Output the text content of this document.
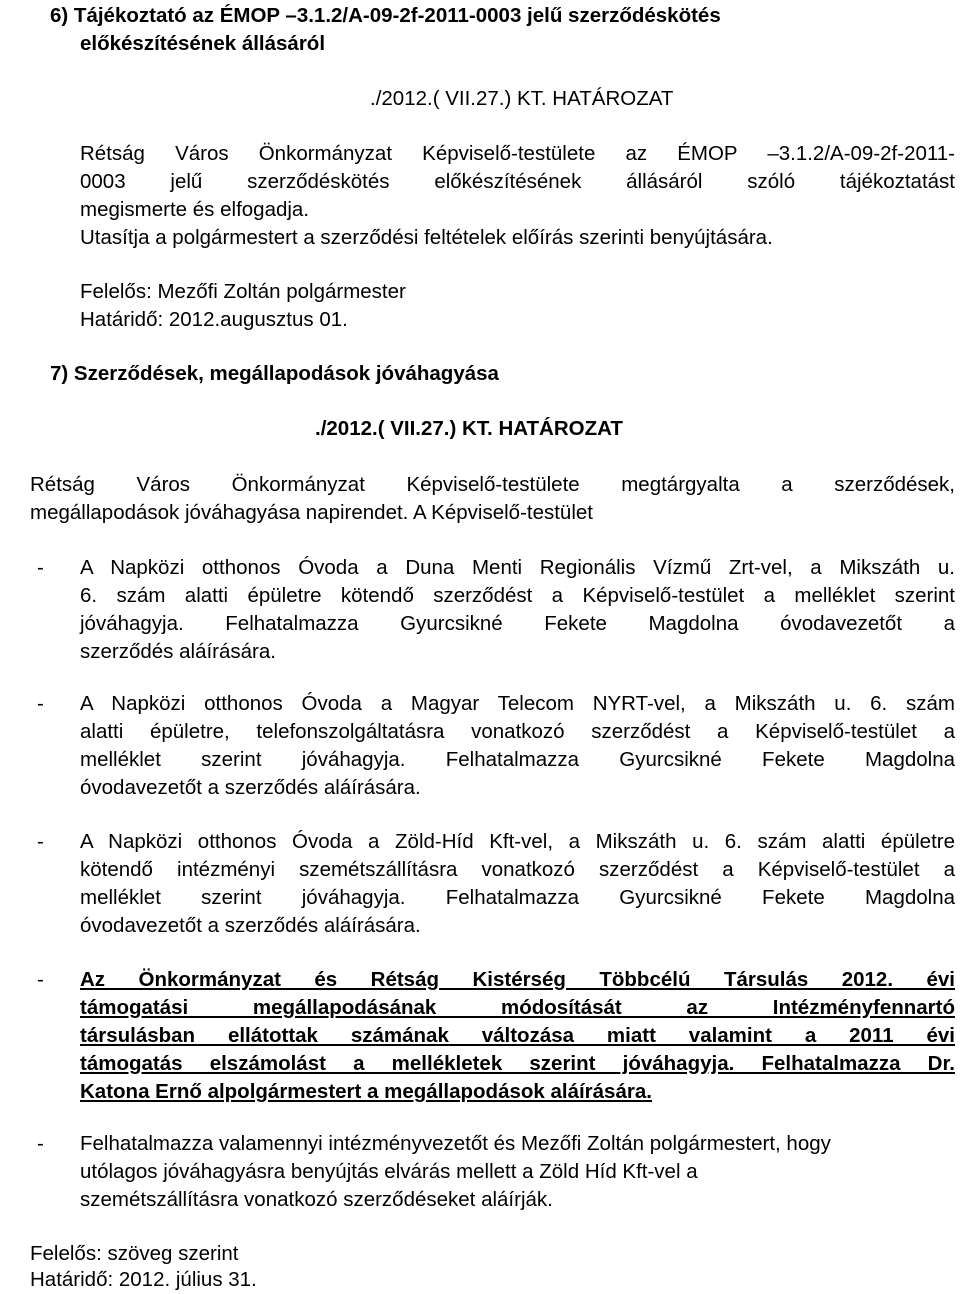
6) Tájékoztató az ÉMOP –3.1.2/A-09-2f-2011-0003 jelű szerződéskötés
előkészítésének állásáról
./2012.( VII.27.) KT. HATÁROZAT
Rétság Város Önkormányzat Képviselő-testülete az ÉMOP –3.1.2/A-09-2f-2011-
0003 jelű szerződéskötés előkészítésének állásáról szóló tájékoztatást
megismerte és elfogadja.
Utasítja a polgármestert a szerződési feltételek előírás szerinti benyújtására.
Felelős: Mezőfi Zoltán polgármester
Határidő: 2012.augusztus 01.
7) Szerződések, megállapodások jóváhagyása
./2012.( VII.27.) KT. HATÁROZAT
Rétság Város Önkormányzat Képviselő-testülete megtárgyalta a szerződések,
megállapodások jóváhagyása napirendet. A Képviselő-testület
- A Napközi otthonos Óvoda a Duna Menti Regionális Vízmű Zrt-vel, a Mikszáth u.
6. szám alatti épületre kötendő szerződést a Képviselő-testület a melléklet szerint
jóváhagyja. Felhatalmazza Gyurcsikné Fekete Magdolna óvodavezetőt a
szerződés aláírására.
- A Napközi otthonos Óvoda a Magyar Telecom NYRT-vel, a Mikszáth u. 6. szám
alatti épületre, telefonszolgáltatásra vonatkozó szerződést a Képviselő-testület a
melléklet szerint jóváhagyja. Felhatalmazza Gyurcsikné Fekete Magdolna
óvodavezetőt a szerződés aláírására.
- A Napközi otthonos Óvoda a Zöld-Híd Kft-vel, a Mikszáth u. 6. szám alatti épületre
kötendő intézményi szemétszállításra vonatkozó szerződést a Képviselő-testület a
melléklet szerint jóváhagyja. Felhatalmazza Gyurcsikné Fekete Magdolna
óvodavezetőt a szerződés aláírására.
- Az Önkormányzat és Rétság Kistérség Többcélú Társulás 2012. évi
támogatási megállapodásának módosítását az Intézményfennartó
társulásban ellátottak számának változása miatt valamint a 2011 évi
támogatás elszámolást a mellékletek szerint jóváhagyja. Felhatalmazza Dr.
Katona Ernő alpolgármestert a megállapodások aláírására.
- Felhatalmazza valamennyi intézményvezetőt és Mezőfi Zoltán polgármestert, hogy
utólagos jóváhagyásra benyújtás elvárás mellett a Zöld Híd Kft-vel a
szemétszállításra vonatkozó szerződéseket aláírják.
Felelős: szöveg szerint
Határidő: 2012. július 31.
